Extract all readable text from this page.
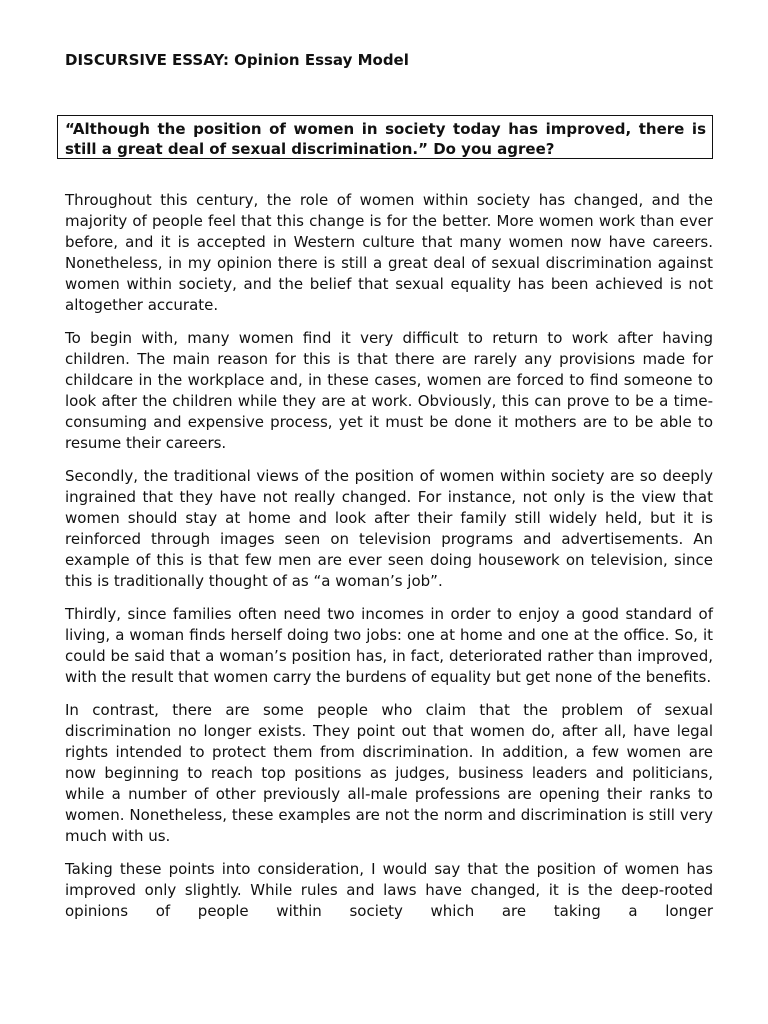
DISCURSIVE ESSAY: Opinion Essay Model

“Although the position of women in society today has improved, there is still a great deal of sexual discrimination.” Do you agree?

Throughout this century, the role of women within society has changed, and the majority of people feel that this change is for the better. More women work than ever before, and it is accepted in Western culture that many women now have careers. Nonetheless, in my opinion there is still a great deal of sexual discrimination against women within society, and the belief that sexual equality has been achieved is not altogether accurate.

To begin with, many women find it very difficult to return to work after having children. The main reason for this is that there are rarely any provisions made for childcare in the workplace and, in these cases, women are forced to find someone to look after the children while they are at work. Obviously, this can prove to be a time-consuming and expensive process, yet it must be done it mothers are to be able to resume their careers.

Secondly, the traditional views of the position of women within society are so deeply ingrained that they have not really changed. For instance, not only is the view that women should stay at home and look after their family still widely held, but it is reinforced through images seen on television programs and advertisements. An example of this is that few men are ever seen doing housework on television, since this is traditionally thought of as “a woman’s job”.

Thirdly, since families often need two incomes in order to enjoy a good standard of living, a woman finds herself doing two jobs: one at home and one at the office. So, it could be said that a woman’s position has, in fact, deteriorated rather than improved, with the result that women carry the burdens of equality but get none of the benefits.

In contrast, there are some people who claim that the problem of sexual discrimination no longer exists. They point out that women do, after all, have legal rights intended to protect them from discrimination. In addition, a few women are now beginning to reach top positions as judges, business leaders and politicians, while a number of other previously all-male professions are opening their ranks to women. Nonetheless, these examples are not the norm and discrimination is still very much with us.

Taking these points into consideration, I would say that the position of women has improved only slightly. While rules and laws have changed, it is the deep-rooted opinions of people within society which are taking a longer
